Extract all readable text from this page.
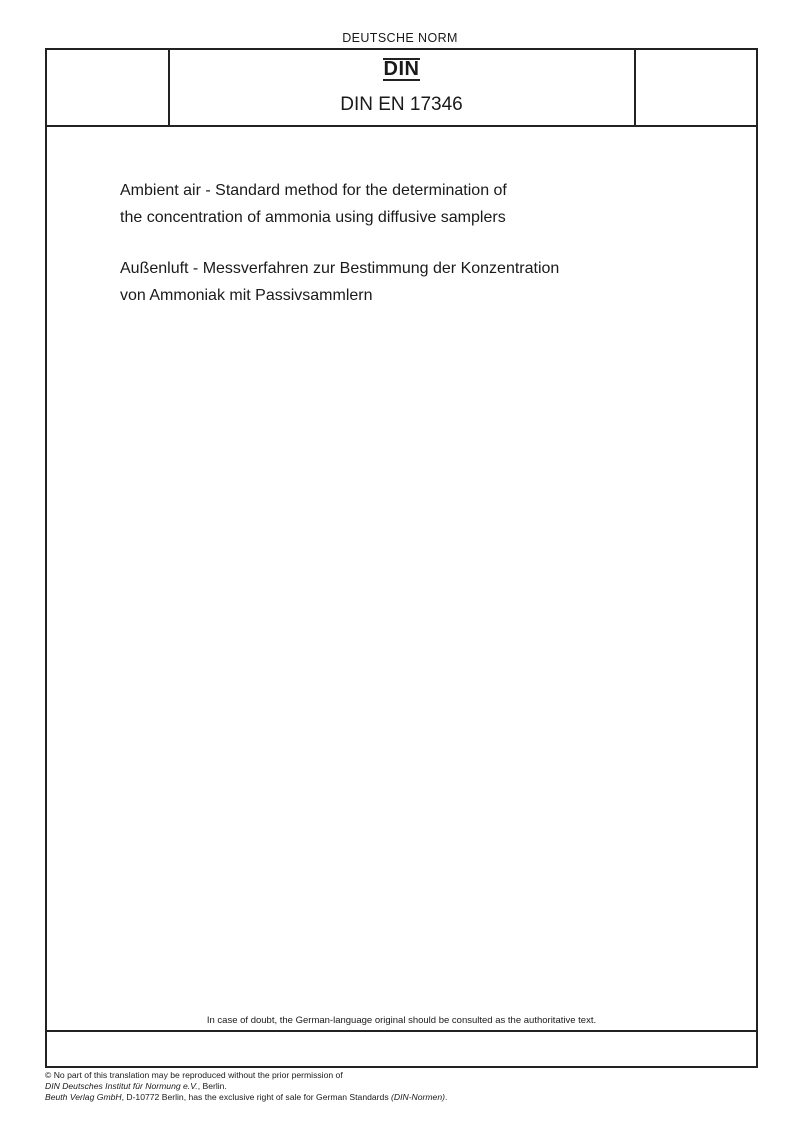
DEUTSCHE NORM
DIN
DIN EN 17346
Ambient air - Standard method for the determination of
the concentration of ammonia using diffusive samplers
Außenluft - Messverfahren zur Bestimmung der Konzentration
von Ammoniak mit Passivsammlern
In case of doubt, the German-language original should be consulted as the authoritative text.
© No part of this translation may be reproduced without the prior permission of
DIN Deutsches Institut für Normung e.V., Berlin.
Beuth Verlag GmbH, D-10772 Berlin, has the exclusive right of sale for German Standards (DIN-Normen).
